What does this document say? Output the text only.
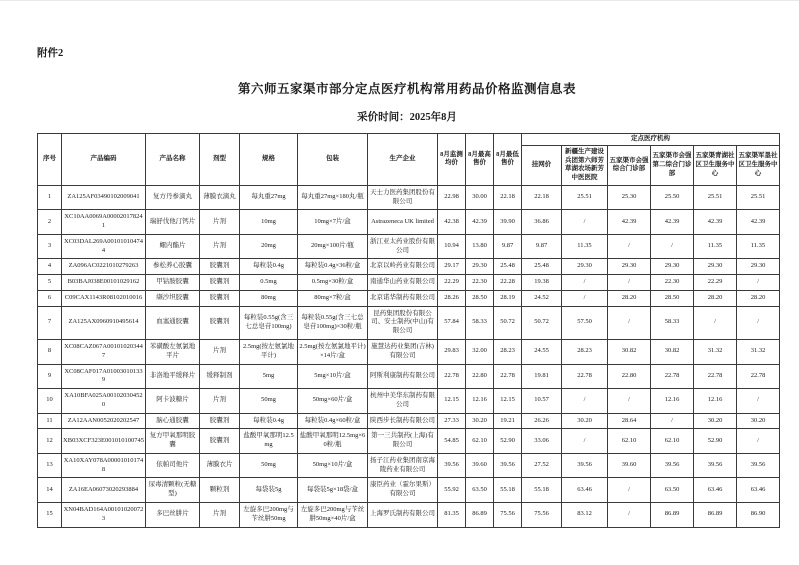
附件2
第六师五家渠市部分定点医疗机构常用药品价格监测信息表
采价时间：2025年8月
序号	产品编码	产品名称	剂型	规格	包装	生产企业	8月监测均价	8月最高售价	8月最低售价	定点医疗机构					
										挂网价	新疆生产建设兵团第六师芳草湖农场新芳中医医院	五家渠市会强综合门诊部	五家渠市会强第二综合门诊部	五家渠青湖社区卫生服务中心	五家渠军垦社区卫生服务中心
1	ZA125AF03490102009041	复方丹参滴丸	薄膜衣滴丸	每丸重27mg	每丸重27mg×180丸/瓶	天士力医药集团股份有限公司	22.98	30.00	22.18	22.18	25.51	25.30	25.50	25.51	25.51
2	XC10AA0069A000020178241	瑞舒伐他汀钙片	片剂	10mg	10mg×7片/盒	Astrazeneca UK limited	42.38	42.39	39.90	36.86	/	42.39	42.39	42.39	42.39
3	XC03DAL269A001010104744	螺内酯片	片剂	20mg	20mg×100片/瓶	浙江亚太药业股份有限公司	10.94	13.80	9.87	9.87	11.35	/	/	11.35	11.35
4	ZA096AC0221010279263	参松养心胶囊	胶囊剂	每粒装0.4g	每粒装0.4g×36粒/盒	北京以岭药业有限公司	29.17	29.30	25.48	25.48	29.30	29.30	29.30	29.30	29.30
5	B03BAJ038E00101029162	甲钴胺胶囊	胶囊剂	0.5mg	0.5mg×30粒/盒	南通华山药业有限公司	22.29	22.30	22.28	19.38	/	/	22.30	22.29	/
6	C09CAX1143R08102010016	缬沙坦胶囊	胶囊剂	80mg	80mg×7粒/盒	北京诺华制药有限公司	28.26	28.50	28.19	24.52	/	28.20	28.50	28.20	28.20
7	ZA125AX0960910495614	血塞通胶囊	胶囊剂	每粒装0.55g(含三七总皂苷100mg)	每粒装0.55g(含三七总皂苷100mg)×30粒/瓶	昆药集团股份有限公司、安士制药(中山)有限公司	57.84	58.33	50.72	50.72	57.50	/	58.33	/	/
8	XC08CAZ067A001010203447	苯磺酸左氨氯地平片	片剂	2.5mg(按左氨氯地平计)	2.5mg(按左氨氯地平计)×14片/盒	施慧达药业集团(吉林)有限公司	29.83	32.00	28.23	24.55	28.23	30.82	30.82	31.32	31.32
9	XC08CAF017A010030101339	非洛地平缓释片	缓释制剂	5mg	5mg×10片/盒	阿斯利康制药有限公司	22.78	22.80	22.78	19.81	22.78	22.80	22.78	22.78	22.78
10	XA10BFA025A001020304520	阿卡波糖片	片剂	50mg	50mg×60片/盒	杭州中美华东制药有限公司	12.15	12.16	12.15	10.57	/	/	12.16	12.16	/
11	ZA12AAN0052020202547	脑心通胶囊	胶囊剂	每粒装0.4g	每粒装0.4g×60粒/盒	陕西步长制药有限公司	27.33	30.20	19.21	26.26	30.20	28.64	/	30.20	30.20
12	XB03XCF323E001010100745	复方甲氧那明胶囊	胶囊剂	盐酸甲氧那明12.5mg	盐酸甲氧那明12.5mg×60粒/瓶	第一三共制药(上海)有限公司	54.85	62.10	52.90	33.06	/	62.10	62.10	52.90	/
13	XA10XAY078A000010101748	依帕司他片	薄膜衣片	50mg	50mg×10片/盒	扬子江药业集团南京海陵药业有限公司	39.56	39.60	39.56	27.52	39.56	39.60	39.56	39.56	39.56
14	ZA16EA06073020293884	尿毒清颗粒(无糖型)	颗粒剂	每袋装5g	每袋装5g×18袋/盒	康臣药业（霍尔果斯）有限公司	55.92	63.50	55.18	55.18	63.46	/	63.50	63.46	63.46
15	XN04BAD164A001010200723	多巴丝肼片	片剂	左旋多巴200mg与苄丝肼50mg	左旋多巴200mg与苄丝肼50mg×40片/盒	上海罗氏制药有限公司	81.35	86.89	75.56	75.56	83.12	/	86.89	86.89	86.90
